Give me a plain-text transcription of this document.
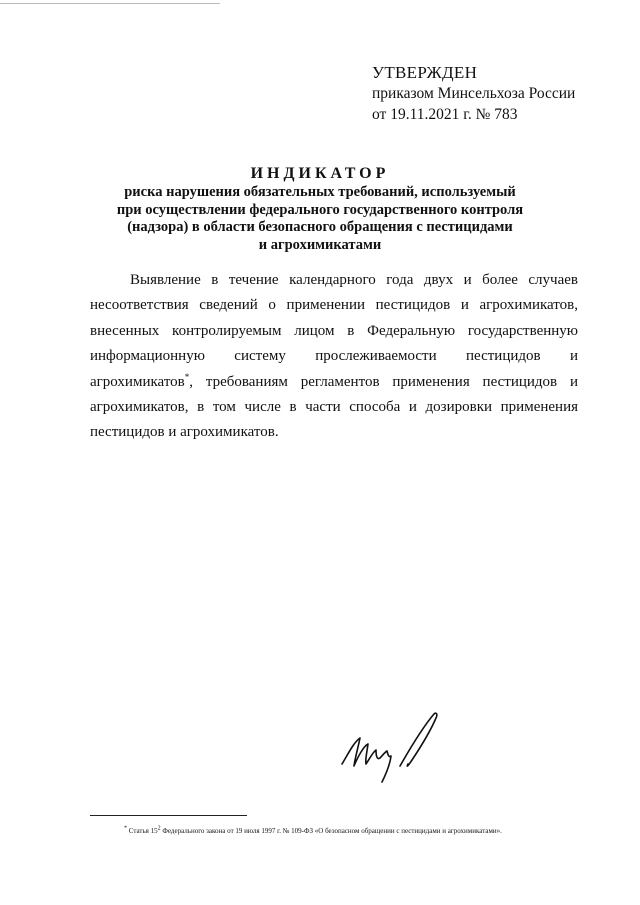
УТВЕРЖДЕН
приказом Минсельхоза России
от 19.11.2021 г. № 783
ИНДИКАТОР
риска нарушения обязательных требований, используемый
при осуществлении федерального государственного контроля
(надзора) в области безопасного обращения с пестицидами
и агрохимикатами

Выявление в течение календарного года двух и более случаев несоответствия сведений о применении пестицидов и агрохимикатов, внесенных контролируемым лицом в Федеральную государственную информационную систему прослеживаемости пестицидов и агрохимикатов*, требованиям регламентов применения пестицидов и агрохимикатов, в том числе в части способа и дозировки применения пестицидов и агрохимикатов.

* Статья $15^2$ Федерального закона от 19 июля 1997 г. № 109-ФЗ «О безопасном обращении с пестицидами и агрохимикатами».
